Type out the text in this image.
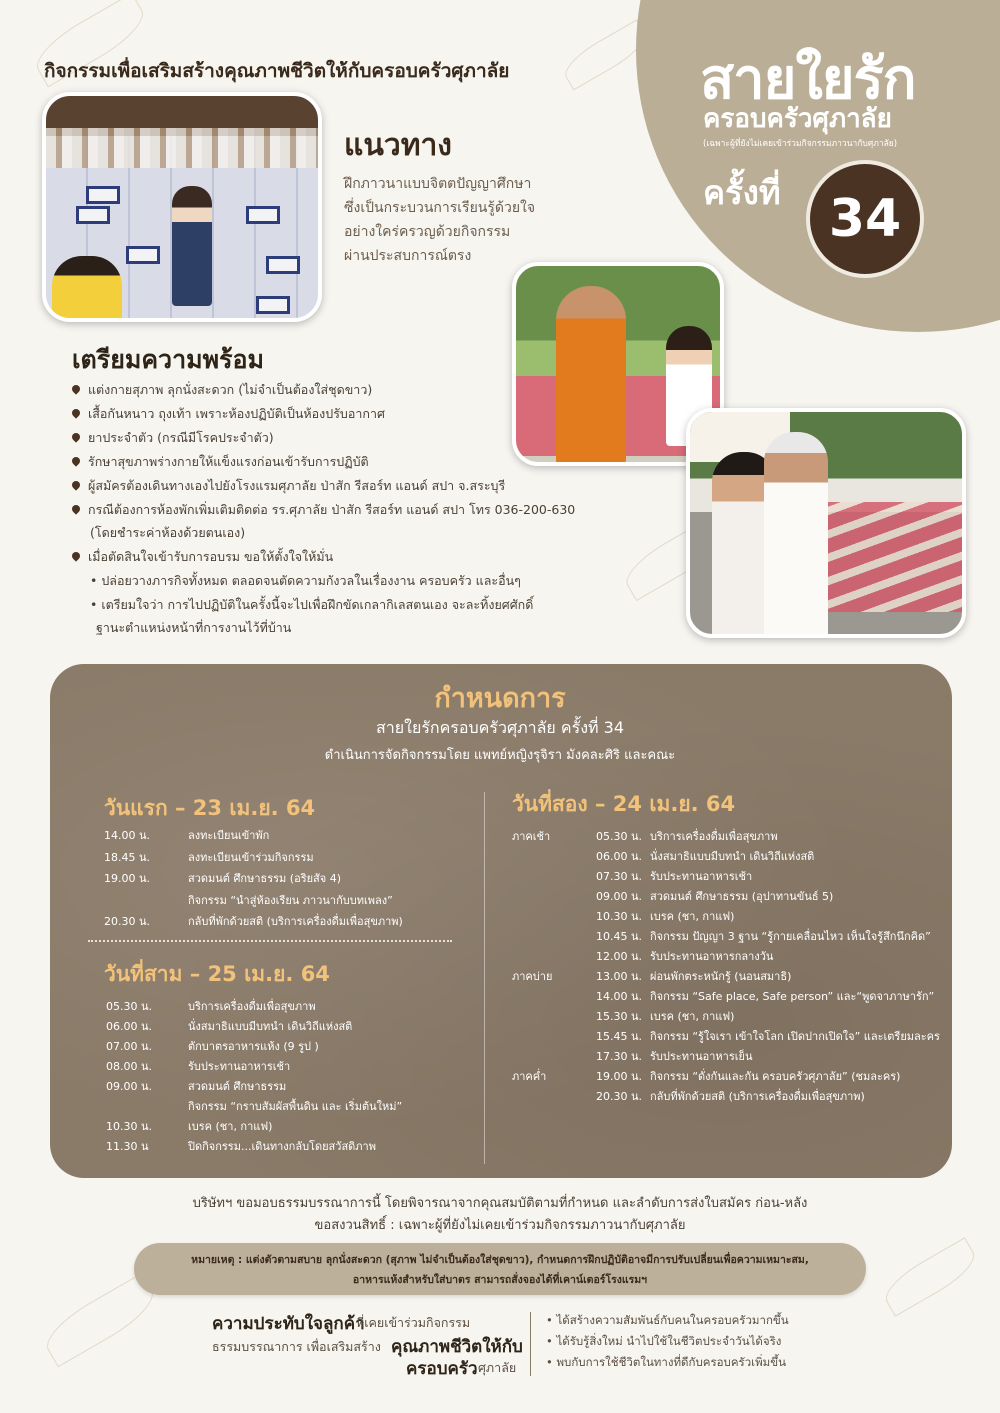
สายใยรัก
ครอบครัวศุภาลัย
(เฉพาะผู้ที่ยังไม่เคยเข้าร่วมกิจกรรมภาวนากับศุภาลัย)
ครั้งที่ 34
กิจกรรมเพื่อเสริมสร้างคุณภาพชีวิตให้กับครอบครัวศุภาลัย
แนวทาง
ฝึกภาวนาแบบจิตตปัญญาศึกษา
ซึ่งเป็นกระบวนการเรียนรู้ด้วยใจ
อย่างใคร่ครวญด้วยกิจกรรม
ผ่านประสบการณ์ตรง
เตรียมความพร้อม
แต่งกายสุภาพ ลุกนั่งสะดวก (ไม่จำเป็นต้องใส่ชุดขาว)
เสื้อกันหนาว ถุงเท้า เพราะห้องปฏิบัติเป็นห้องปรับอากาศ
ยาประจำตัว (กรณีมีโรคประจำตัว)
รักษาสุขภาพร่างกายให้แข็งแรงก่อนเข้ารับการปฏิบัติ
ผู้สมัครต้องเดินทางเองไปยังโรงแรมศุภาลัย ป่าสัก รีสอร์ท แอนด์ สปา จ.สระบุรี
กรณีต้องการห้องพักเพิ่มเติมติดต่อ รร.ศุภาลัย ป่าสัก รีสอร์ท แอนด์ สปา โทร 036-200-630
(โดยชำระค่าห้องด้วยตนเอง)
เมื่อตัดสินใจเข้ารับการอบรม ขอให้ตั้งใจให้มั่น
• ปล่อยวางภารกิจทั้งหมด ตลอดจนตัดความกังวลในเรื่องงาน ครอบครัว และอื่นๆ
• เตรียมใจว่า การไปปฏิบัติในครั้งนี้จะไปเพื่อฝึกขัดเกลากิเลสตนเอง จะละทิ้งยศศักดิ์
ฐานะตำแหน่งหน้าที่การงานไว้ที่บ้าน
กำหนดการ
สายใยรักครอบครัวศุภาลัย ครั้งที่ 34
ดำเนินการจัดกิจกรรมโดย แพทย์หญิงรุจิรา มังคละศิริ และคณะ
วันแรก – 23 เม.ย. 64
14.00 น.	ลงทะเบียนเข้าพัก
18.45 น.	ลงทะเบียนเข้าร่วมกิจกรรม
19.00 น.	สวดมนต์ ศึกษาธรรม (อริยสัจ 4)
กิจกรรม “นำสู่ห้องเรียน ภาวนากับบทเพลง”
20.30 น.	กลับที่พักด้วยสติ (บริการเครื่องดื่มเพื่อสุขภาพ)
วันที่สาม – 25 เม.ย. 64
05.30 น.	บริการเครื่องดื่มเพื่อสุขภาพ
06.00 น.	นั่งสมาธิแบบมีบทนำ เดินวิถีแห่งสติ
07.00 น.	ตักบาตรอาหารแห้ง (9 รูป )
08.00 น.	รับประทานอาหารเช้า
09.00 น.	สวดมนต์ ศึกษาธรรม
กิจกรรม “กราบสัมผัสพื้นดิน และ เริ่มต้นใหม่”
10.30 น.	เบรค (ชา, กาแฟ)
11.30 น	ปิดกิจกรรม...เดินทางกลับโดยสวัสดิภาพ
วันที่สอง – 24 เม.ย. 64
ภาคเช้า	05.30 น. บริการเครื่องดื่มเพื่อสุขภาพ
06.00 น. นั่งสมาธิแบบมีบทนำ เดินวิถีแห่งสติ
07.30 น. รับประทานอาหารเช้า
09.00 น. สวดมนต์ ศึกษาธรรม (อุปาทานขันธ์ 5)
10.30 น. เบรค (ชา, กาแฟ)
10.45 น. กิจกรรม ปัญญา 3 ฐาน “รู้กายเคลื่อนไหว เห็นใจรู้สึกนึกคิด”
12.00 น. รับประทานอาหารกลางวัน
ภาคบ่าย	13.00 น. ผ่อนพักตระหนักรู้ (นอนสมาธิ)
14.00 น. กิจกรรม “Safe place, Safe person” และ“พูดจาภาษารัก”
15.30 น. เบรค (ชา, กาแฟ)
15.45 น. กิจกรรม “รู้ใจเรา เข้าใจโลก เปิดปากเปิดใจ” และเตรียมละคร
17.30 น. รับประทานอาหารเย็น
ภาคค่ำ	19.00 น. กิจกรรม “ดั่งกันและกัน ครอบครัวศุภาลัย” (ชมละคร)
20.30 น. กลับที่พักด้วยสติ (บริการเครื่องดื่มเพื่อสุขภาพ)
บริษัทฯ ขอมอบธรรมบรรณาการนี้ โดยพิจารณาจากคุณสมบัติตามที่กำหนด และลำดับการส่งใบสมัคร ก่อน-หลัง
ขอสงวนสิทธิ์ : เฉพาะผู้ที่ยังไม่เคยเข้าร่วมกิจกรรมภาวนากับศุภาลัย
หมายเหตุ : แต่งตัวตามสบาย ลุกนั่งสะดวก (สุภาพ ไม่จำเป็นต้องใส่ชุดขาว), กำหนดการฝึกปฏิบัติอาจมีการปรับเปลี่ยนเพื่อความเหมาะสม,
อาหารแห้งสำหรับใส่บาตร สามารถสั่งจองได้ที่เคาน์เตอร์โรงแรมฯ
ความประทับใจลูกค้า
ที่เคยเข้าร่วมกิจกรรม
ธรรมบรรณาการ เพื่อเสริมสร้าง คุณภาพชีวิตให้กับ
ครอบครัว ศุภาลัย
• ได้สร้างความสัมพันธ์กับคนในครอบครัวมากขึ้น
• ได้รับรู้สิ่งใหม่ นำไปใช้ในชีวิตประจำวันได้จริง
• พบกับการใช้ชีวิตในทางที่ดีกับครอบครัวเพิ่มขึ้น
